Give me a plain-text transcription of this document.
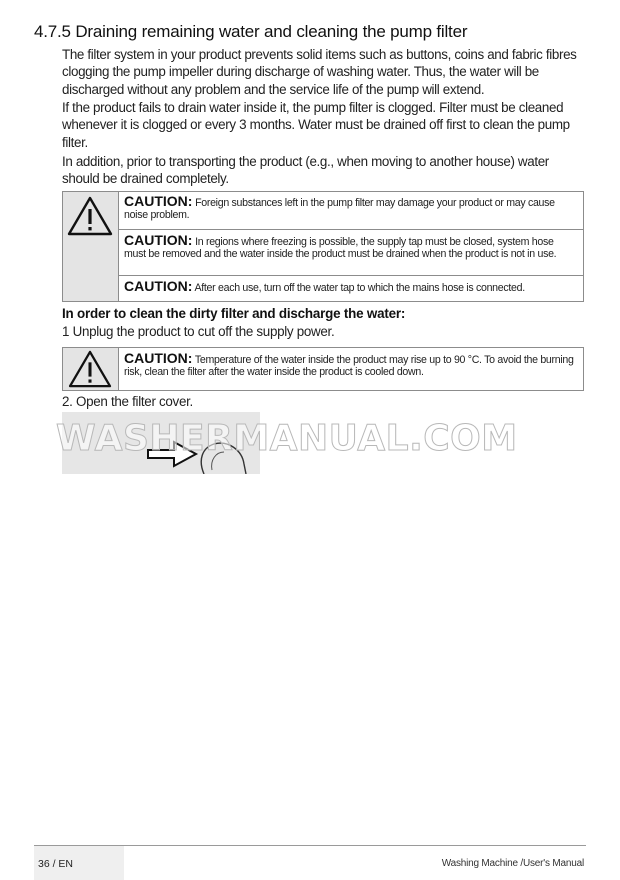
4.7.5 Draining remaining water and cleaning the pump filter

The filter system in your product prevents solid items such as buttons, coins and fabric fibres clogging the pump impeller during discharge of washing water. Thus, the water will be discharged without any problem and the service life of the pump will extend.

If the product fails to drain water inside it, the pump filter is clogged. Filter must be cleaned whenever it is clogged or every 3 months. Water must be drained off first to clean the pump filter.

In addition, prior to transporting the product (e.g., when moving to another house) water should be drained completely.

CAUTION: Foreign substances left in the pump filter may damage your product or may cause noise problem.
CAUTION: In regions where freezing is possible, the supply tap must be closed, system hose must be removed and the water inside the product must be drained when the product is not in use.
CAUTION: After each use, turn off the water tap to which the mains hose is connected.
In order to clean the dirty filter and discharge the water:

1 Unplug the product to cut off the supply power.

CAUTION: Temperature of the water inside the product may rise up to 90 °C. To avoid the burning risk, clean the filter after the water inside the product is cooled down.

2. Open the filter cover.

WASHERMANUAL.COM
36 / EN	Washing Machine /User's Manual
